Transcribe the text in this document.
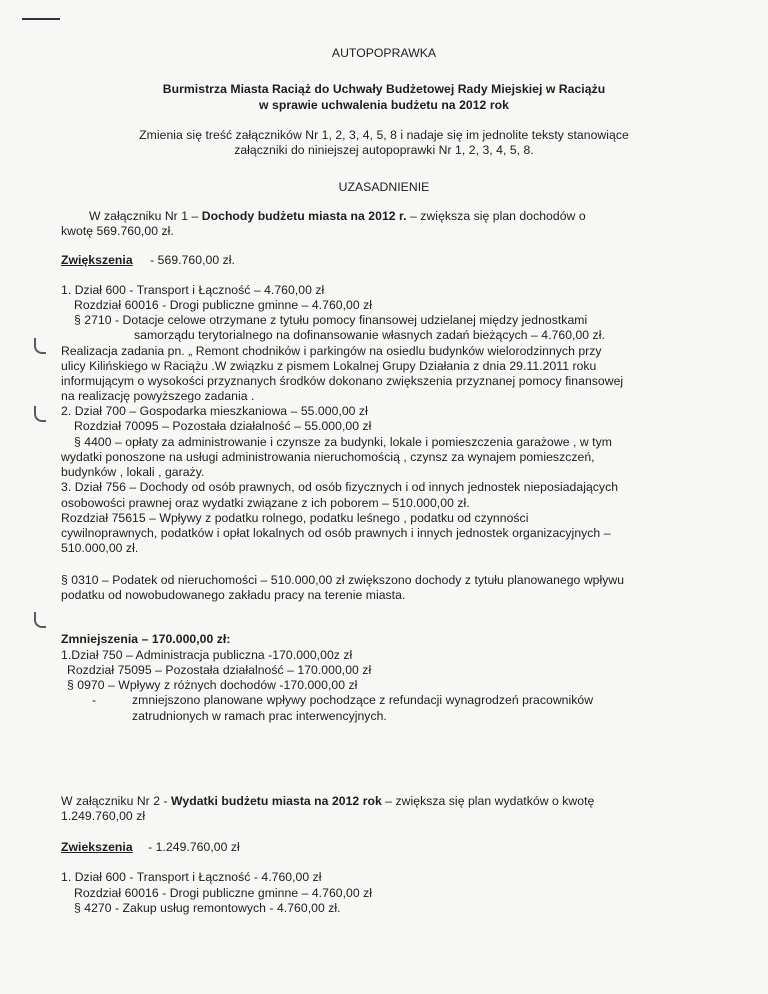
AUTOPOPRAWKA
Burmistrza Miasta Raciąż do Uchwały Budżetowej Rady Miejskiej w Raciążu
w sprawie uchwalenia budżetu na 2012 rok
Zmienia się treść załączników Nr 1, 2, 3, 4, 5, 8 i nadaje się im jednolite teksty stanowiące
załączniki do niniejszej autopoprawki Nr 1, 2, 3, 4, 5, 8.
UZASADNIENIE
W załączniku Nr 1 – Dochody budżetu miasta na 2012 r. – zwiększa się plan dochodów o
kwotę 569.760,00 zł.
Zwiększenia - 569.760,00 zł.
1. Dział 600 - Transport i Łączność – 4.760,00 zł
Rozdział 60016 - Drogi publiczne gminne – 4.760,00 zł
§ 2710 - Dotacje celowe otrzymane z tytułu pomocy finansowej udzielanej między jednostkami
samorządu terytorialnego na dofinansowanie własnych zadań bieżących – 4.760,00 zł.
Realizacja zadania pn. „ Remont chodników i parkingów na osiedlu budynków wielorodzinnych przy
ulicy Kilińskiego w Raciążu .W związku z pismem Lokalnej Grupy Działania z dnia 29.11.2011 roku
informującym o wysokości przyznanych środków dokonano zwiększenia przyznanej pomocy finansowej
na realizację powyższego zadania .
2. Dział 700 – Gospodarka mieszkaniowa – 55.000,00 zł
Rozdział 70095 – Pozostała działalność – 55.000,00 zł
§ 4400 – opłaty za administrowanie i czynsze za budynki, lokale i pomieszczenia garażowe , w tym
wydatki ponoszone na usługi administrowania nieruchomością , czynsz za wynajem pomieszczeń,
budynków , lokali , garaży.
3. Dział 756 – Dochody od osób prawnych, od osób fizycznych i od innych jednostek nieposiadających
osobowości prawnej oraz wydatki związane z ich poborem – 510.000,00 zł.
Rozdział 75615 – Wpływy z podatku rolnego, podatku leśnego , podatku od czynności
cywilnoprawnych, podatków i opłat lokalnych od osób prawnych i innych jednostek organizacyjnych –
510.000,00 zł.
§ 0310 – Podatek od nieruchomości – 510.000,00 zł zwiększono dochody z tytułu planowanego wpływu
podatku od nowobudowanego zakładu pracy na terenie miasta.
Zmniejszenia – 170.000,00 zł:
1.Dział 750 – Administracja publiczna -170.000,00z zł
Rozdział 75095 – Pozostała działalność – 170.000,00 zł
§ 0970 – Wpływy z różnych dochodów -170.000,00 zł
-	zmniejszono planowane wpływy pochodzące z refundacji wynagrodzeń pracowników
zatrudnionych w ramach prac interwencyjnych.
W załączniku Nr 2 - Wydatki budżetu miasta na 2012 rok – zwiększa się plan wydatków o kwotę
1.249.760,00 zł
Zwiekszenia - 1.249.760,00 zł
1. Dział 600 - Transport i Łączność - 4.760,00 zł
Rozdział 60016 - Drogi publiczne gminne – 4.760,00 zł
§ 4270 - Zakup usług remontowych - 4.760,00 zł.
